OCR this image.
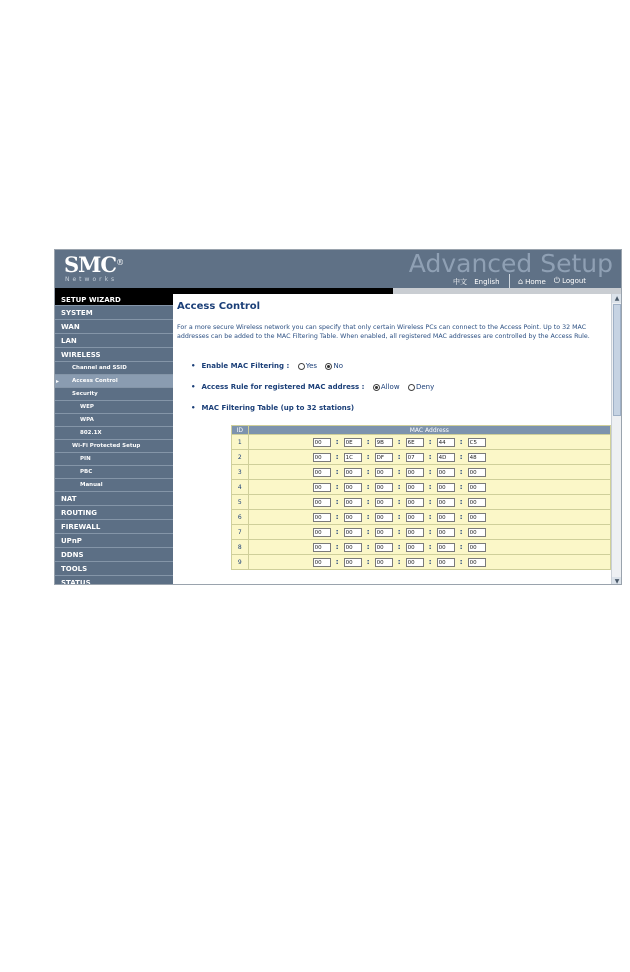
SMC®
Networks
Advanced Setup
中文 English	⌂ Home ⏻ Logout
SETUP WIZARD
SYSTEM
WAN
LAN
WIRELESS
Channel and SSID
▸ Access Control
Security
WEP
WPA
802.1X
Wi-Fi Protected Setup
PIN
PBC
Manual
NAT
ROUTING
FIREWALL
UPnP
DDNS
TOOLS
STATUS
Access Control
For a more secure Wireless network you can specify that only certain Wireless PCs can connect to the Access Point. Up to 32 MAC addresses can be added to the MAC Filtering Table. When enabled, all registered MAC addresses are controlled by the Access Rule.
• Enable MAC Filtering : Yes No
• Access Rule for registered MAC address : Allow Deny
• MAC Filtering Table (up to 32 stations)
ID	MAC Address
1	00 : 0E : 9B : 6E : 44 : C5
2	00 : 1C : DF : 07 : 4D : 48
3	00 : 00 : 00 : 00 : 00 : 00
4	00 : 00 : 00 : 00 : 00 : 00
5	00 : 00 : 00 : 00 : 00 : 00
6	00 : 00 : 00 : 00 : 00 : 00
7	00 : 00 : 00 : 00 : 00 : 00
8	00 : 00 : 00 : 00 : 00 : 00
9	00 : 00 : 00 : 00 : 00 : 00
▲
▼
